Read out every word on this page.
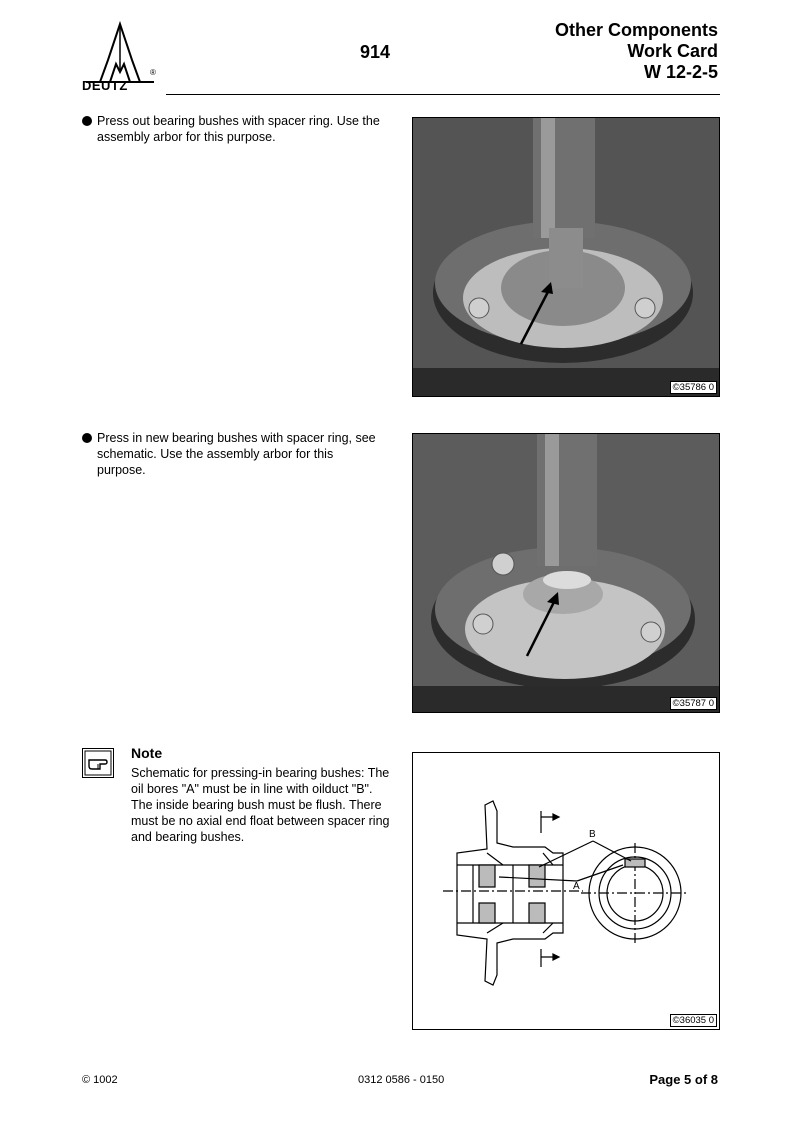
DEUTZ
®
914
Other Components
Work Card
W 12-2-5
Press out bearing bushes with spacer ring. Use the assembly arbor for this purpose.
©35786 0
Press in new bearing bushes with spacer ring, see schematic. Use the assembly arbor for this purpose.
©35787 0
Note
Schematic for pressing-in bearing bushes: The oil bores "A" must be in line with oilduct "B". The inside bearing bush must be flush. There must be no axial end float between spacer ring and bearing bushes.	B
A
©36035 0
© 1002	0312 0586 - 0150	Page 5 of 8
